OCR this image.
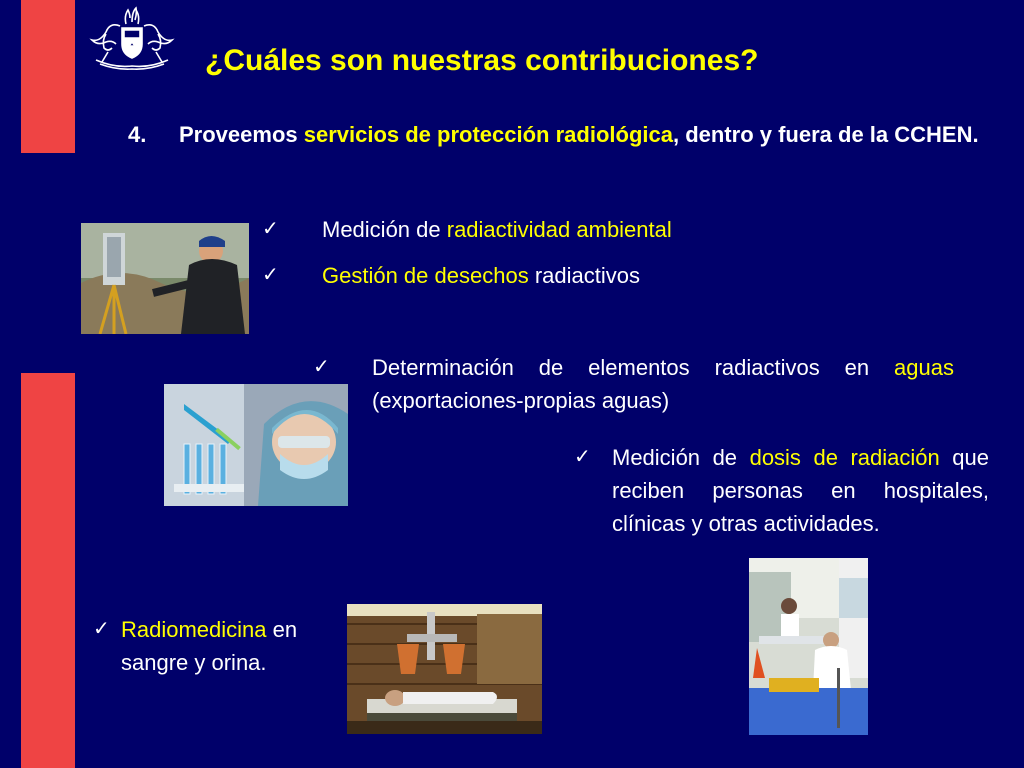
¿Cuáles son nuestras contribuciones?
4. Proveemos servicios de protección radiológica, dentro y fuera de la CCHEN.
✓ Medición de radiactividad ambiental
✓ Gestión de desechos radiactivos
✓ Determinación de elementos radiactivos en aguas (exportaciones-propias aguas)
✓ Medición de dosis de radiación que reciben personas en hospitales, clínicas y otras actividades.
✓ Radiomedicina en sangre y orina.
